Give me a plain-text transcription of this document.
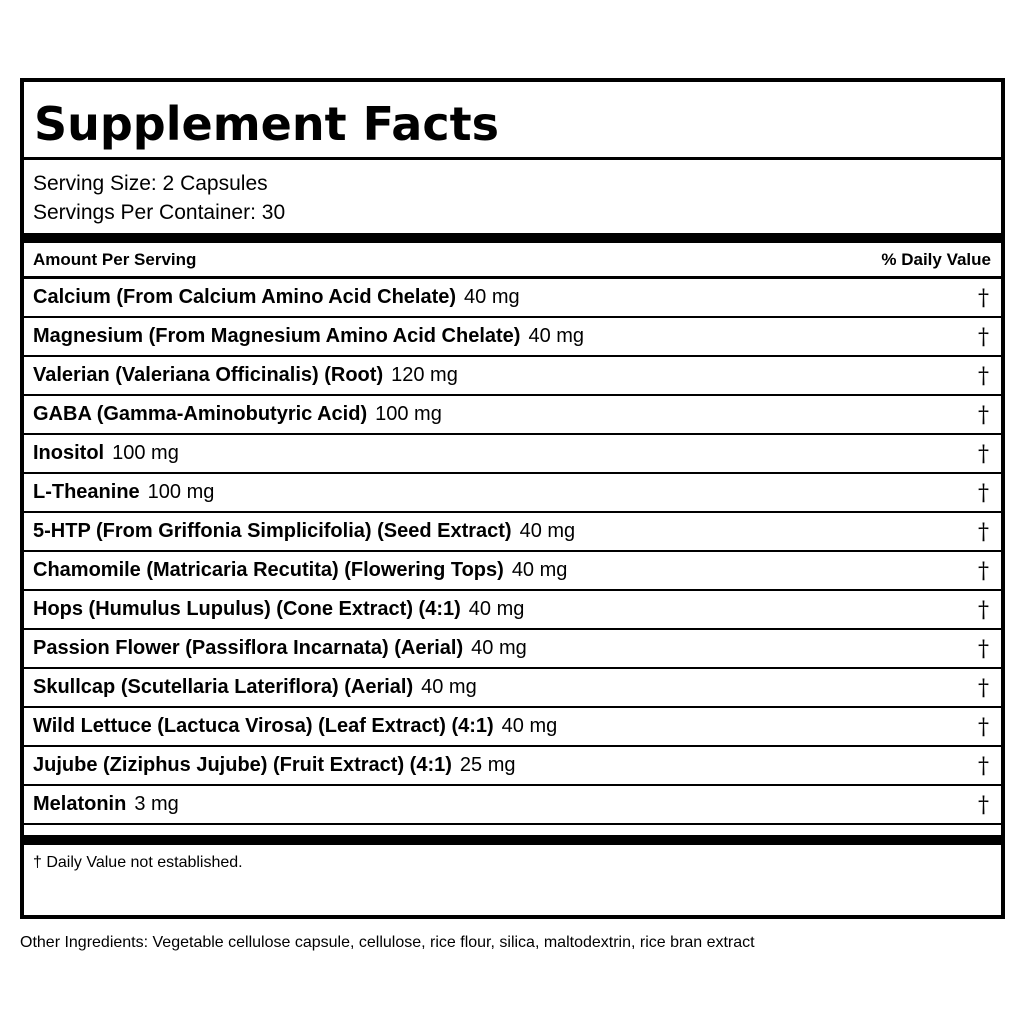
Supplement Facts
Serving Size: 2 Capsules
Servings Per Container: 30
Amount Per Serving	% Daily Value
Calcium (From Calcium Amino Acid Chelate) 40 mg	†
Magnesium (From Magnesium Amino Acid Chelate) 40 mg	†
Valerian (Valeriana Officinalis) (Root) 120 mg	†
GABA (Gamma-Aminobutyric Acid) 100 mg	†
Inositol 100 mg	†
L-Theanine 100 mg	†
5-HTP (From Griffonia Simplicifolia) (Seed Extract) 40 mg	†
Chamomile (Matricaria Recutita) (Flowering Tops) 40 mg	†
Hops (Humulus Lupulus) (Cone Extract) (4:1) 40 mg	†
Passion Flower (Passiflora Incarnata) (Aerial) 40 mg	†
Skullcap (Scutellaria Lateriflora) (Aerial) 40 mg	†
Wild Lettuce (Lactuca Virosa) (Leaf Extract) (4:1) 40 mg	†
Jujube (Ziziphus Jujube) (Fruit Extract) (4:1) 25 mg	†
Melatonin 3 mg	†
† Daily Value not established.
Other Ingredients: Vegetable cellulose capsule, cellulose, rice flour, silica, maltodextrin, rice bran extract
